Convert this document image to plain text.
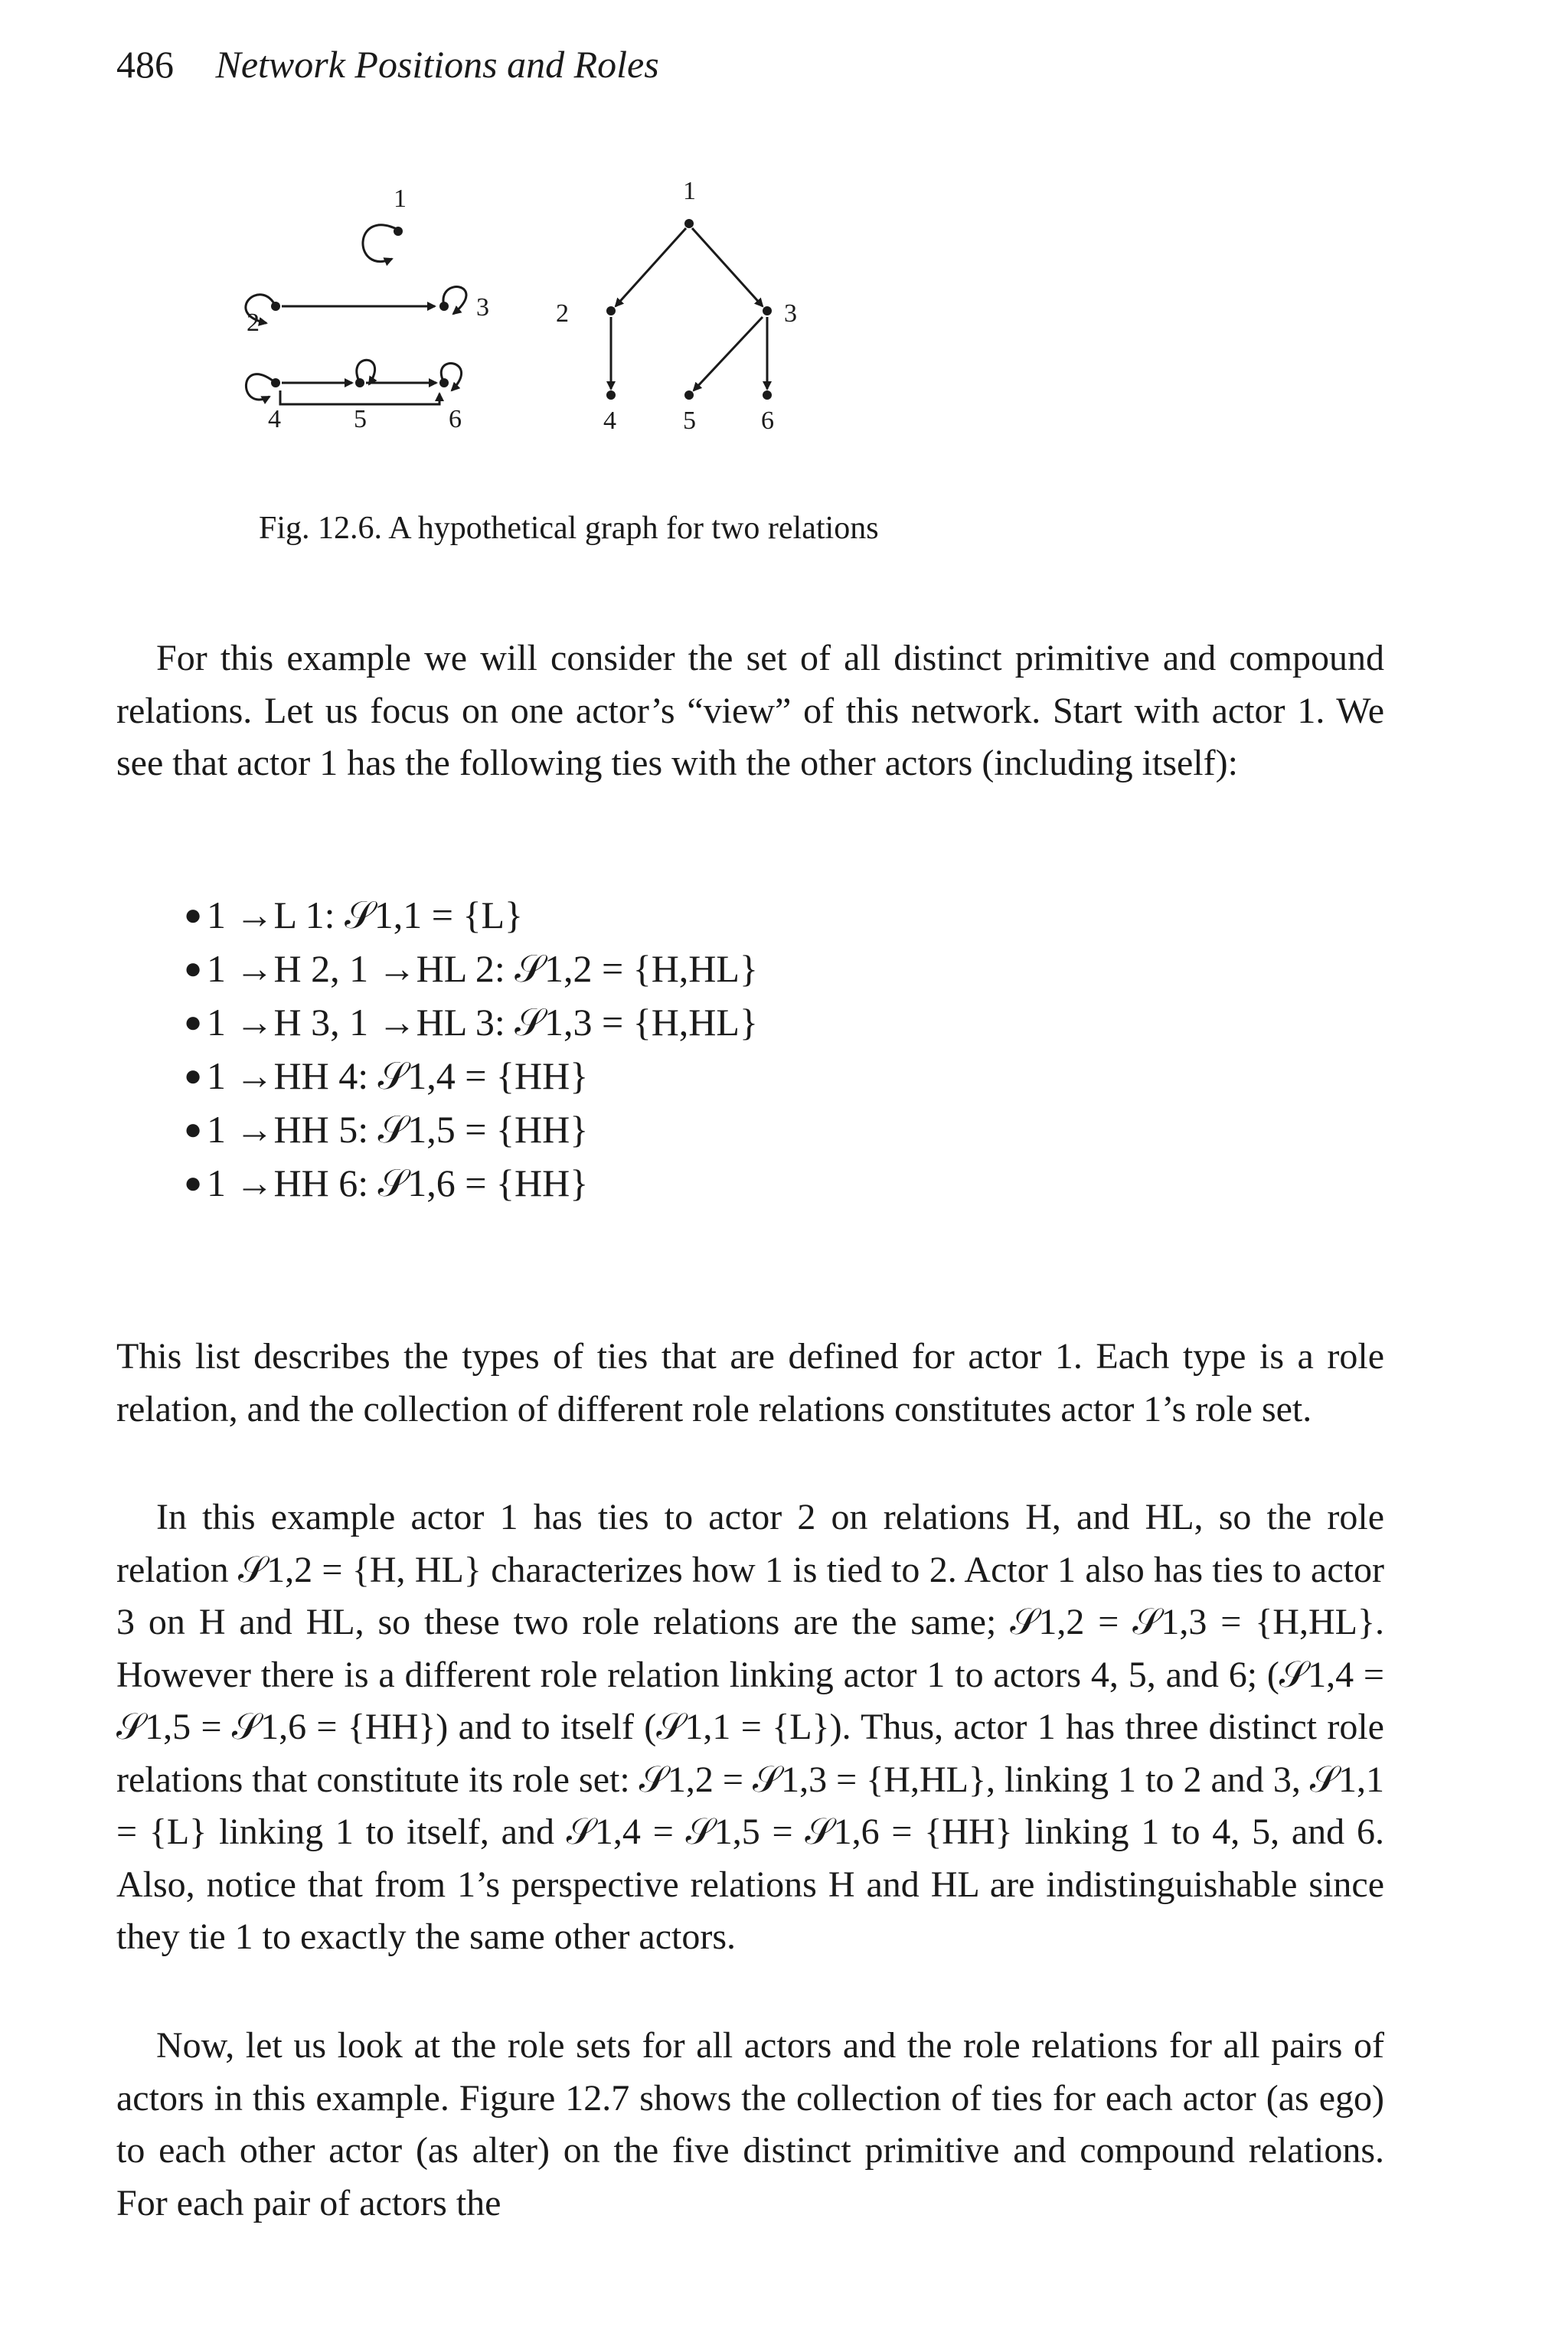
486 Network Positions and Roles
1
2
3
4	5	6
1
2	3
4	5	6
Fig. 12.6. A hypothetical graph for two relations

For this example we will consider the set of all distinct primitive and compound relations. Let us focus on one actor’s “view” of this network. Start with actor 1. We see that actor 1 has the following ties with the other actors (including itself):

● 1 →L 1: 𝒮1,1 = {L}
● 1 →H 2, 1 →HL 2: 𝒮1,2 = {H,HL}
● 1 →H 3, 1 →HL 3: 𝒮1,3 = {H,HL}
● 1 →HH 4: 𝒮1,4 = {HH}
● 1 →HH 5: 𝒮1,5 = {HH}
● 1 →HH 6: 𝒮1,6 = {HH}

This list describes the types of ties that are defined for actor 1. Each type is a role relation, and the collection of different role relations constitutes actor 1’s role set.

In this example actor 1 has ties to actor 2 on relations H, and HL, so the role relation 𝒮1,2 = {H, HL} characterizes how 1 is tied to 2. Actor 1 also has ties to actor 3 on H and HL, so these two role relations are the same; 𝒮1,2 = 𝒮1,3 = {H,HL}. However there is a different role relation linking actor 1 to actors 4, 5, and 6; (𝒮1,4 = 𝒮1,5 = 𝒮1,6 = {HH}) and to itself (𝒮1,1 = {L}). Thus, actor 1 has three distinct role relations that constitute its role set: 𝒮1,2 = 𝒮1,3 = {H,HL}, linking 1 to 2 and 3, 𝒮1,1 = {L} linking 1 to itself, and 𝒮1,4 = 𝒮1,5 = 𝒮1,6 = {HH} linking 1 to 4, 5, and 6. Also, notice that from 1’s perspective relations H and HL are indistinguishable since they tie 1 to exactly the same other actors.

Now, let us look at the role sets for all actors and the role relations for all pairs of actors in this example. Figure 12.7 shows the collection of ties for each actor (as ego) to each other actor (as alter) on the five distinct primitive and compound relations. For each pair of actors the
